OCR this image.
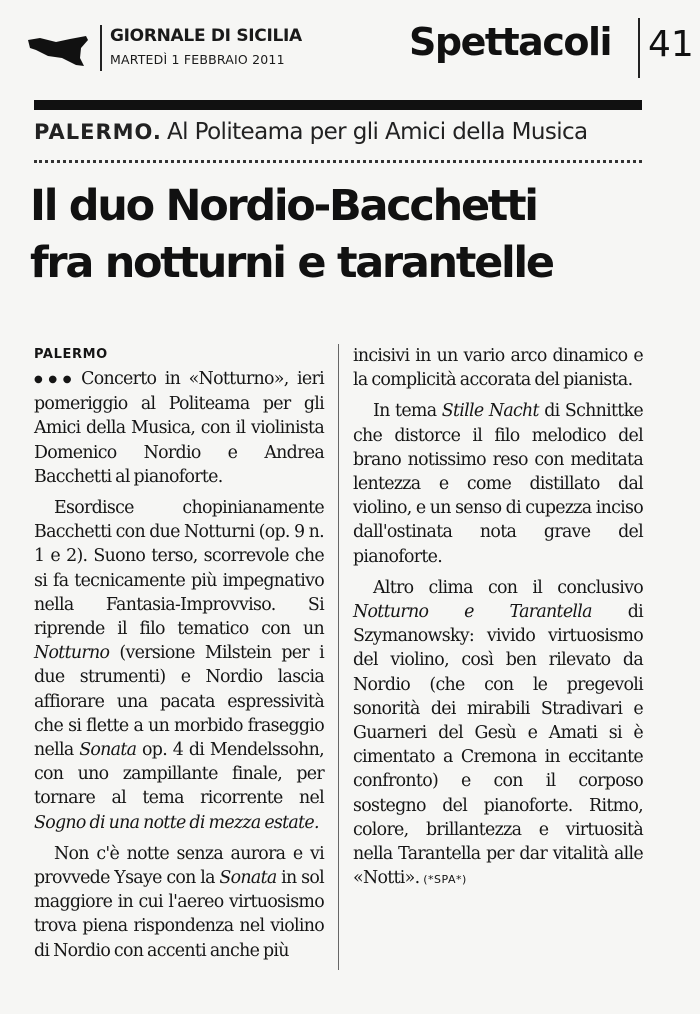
GIORNALE DI SICILIA
MARTEDÌ 1 FEBBRAIO 2011	Spettacoli 41
PALERMO. Al Politeama per gli Amici della Musica
Il duo Nordio-Bacchetti
fra notturni e tarantelle
PALERMO

●●● Concerto in «Notturno», ieri pomeriggio al Politeama per gli Amici della Musica, con il violinista Domenico Nordio e Andrea Bacchetti al pianoforte.

Esordisce chopinianamente Bacchetti con due Notturni (op. 9 n. 1 e 2). Suono terso, scorrevole che si fa tecnicamente più impegnativo nella Fantasia-Improvviso. Si riprende il filo tematico con un Notturno (versione Milstein per i due strumenti) e Nordio lascia affiorare una pacata espressività che si flette a un morbido fraseggio nella Sonata op. 4 di Mendelssohn, con uno zampillante finale, per tornare al tema ricorrente nel Sogno di una notte di mezza estate.

Non c'è notte senza aurora e vi provvede Ysaye con la Sonata in sol maggiore in cui l'aereo virtuosismo trova piena rispondenza nel violino di Nordio con accenti anche più

incisivi in un vario arco dinamico e la complicità accorata del pianista.

In tema Stille Nacht di Schnittke che distorce il filo melodico del brano notissimo reso con meditata lentezza e come distillato dal violino, e un senso di cupezza inciso dall'ostinata nota grave del pianoforte.

Altro clima con il conclusivo Notturno e Tarantella di Szymanowsky: vivido virtuosismo del violino, così ben rilevato da Nordio (che con le pregevoli sonorità dei mirabili Stradivari e Guarneri del Gesù e Amati si è cimentato a Cremona in eccitante confronto) e con il corposo sostegno del pianoforte. Ritmo, colore, brillantezza e virtuosità nella Tarantella per dar vitalità alle «Notti». (*SPA*)
